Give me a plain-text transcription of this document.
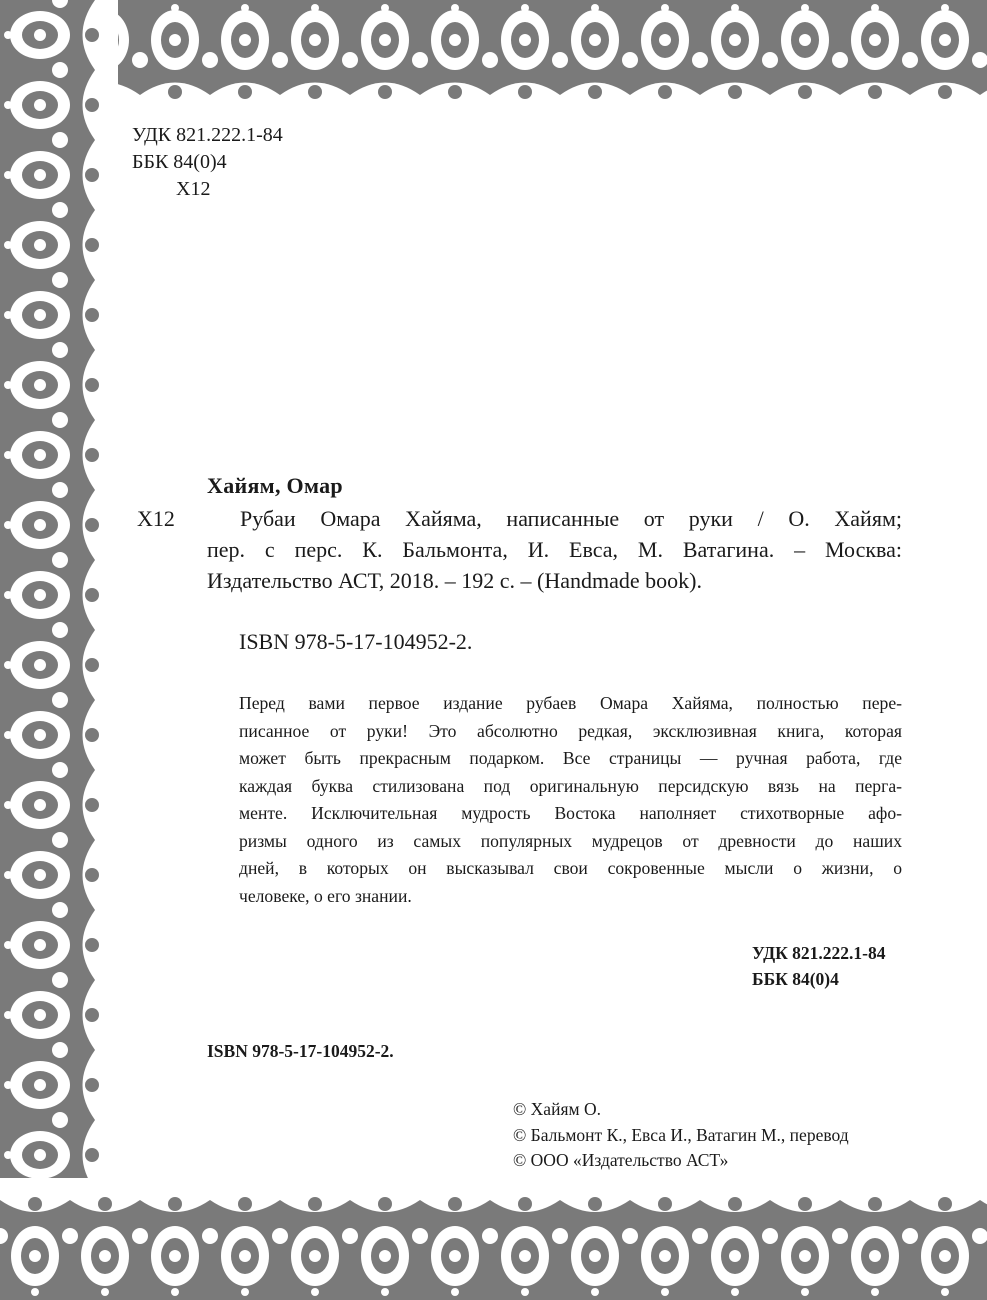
УДК 821.222.1-84
ББК 84(0)4
Х12
Хайям, Омар
Х12	Рубаи Омара Хайяма, написанные от руки / О. Хайям;

пер. с перс. К. Бальмонта, И. Евса, М. Ватагина. – Москва:

Издательство АСТ, 2018. – 192 с. – (Handmade book).

ISBN 978-5-17-104952-2.

Перед вами первое издание рубаев Омара Хайяма, полностью пере-

писанное от руки! Это абсолютно редкая, эксклюзивная книга, которая

может быть прекрасным подарком. Все страницы — ручная работа, где

каждая буква стилизована под оригинальную персидскую вязь на перга-

менте. Исключительная мудрость Востока наполняет стихотворные афо-

ризмы одного из самых популярных мудрецов от древности до наших

дней, в которых он высказывал свои сокровенные мысли о жизни, о

человеке, о его знании.

УДК 821.222.1-84
ББК 84(0)4
ISBN 978-5-17-104952-2.
© Хайям О.
© Бальмонт К., Евса И., Ватагин М., перевод
© ООО «Издательство АСТ»
